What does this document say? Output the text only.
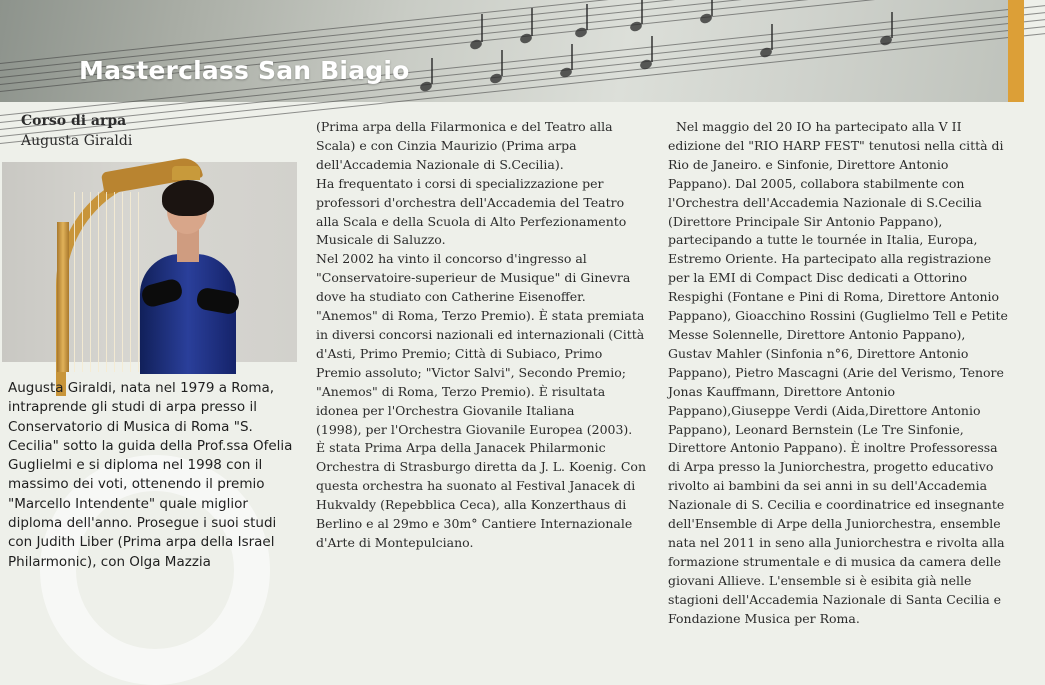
Masterclass San Biagio
Corso di arpa
Augusta Giraldi

Augusta Giraldi, nata nel 1979 a Roma, intraprende gli studi di arpa presso il Conservatorio di Musica di Roma "S. Cecilia" sotto la guida della Prof.ssa Ofelia Guglielmi e si diploma nel 1998 con il massimo dei voti, ottenendo il premio "Marcello Intendente" quale miglior diploma dell'anno. Prosegue i suoi studi con Judith Liber (Prima arpa della Israel Philarmonic), con Olga Mazzia

(Prima arpa della Filarmonica e del Teatro alla Scala) e con Cinzia Maurizio (Prima arpa dell'Accademia Nazionale di S.Cecilia).

Ha frequentato i corsi di specializzazione per professori d'orchestra dell'Accademia del Teatro alla Scala e della Scuola di Alto Perfezionamento Musicale di Saluzzo.

Nel 2002 ha vinto il concorso d'ingresso al "Conservatoire-superieur de Musique" di Ginevra dove ha studiato con Catherine Eisenoffer.

"Anemos" di Roma, Terzo Premio). È stata premiata in diversi concorsi nazionali ed internazionali (Città d'Asti, Primo Premio; Città di Subiaco, Primo Premio assoluto; "Victor Salvi", Secondo Premio; "Anemos" di Roma, Terzo Premio). È risultata idonea per l'Orchestra Giovanile Italiana

(1998), per l'Orchestra Giovanile Europea (2003).

È stata Prima Arpa della Janacek Philarmonic Orchestra di Strasburgo diretta da J. L. Koenig. Con questa orchestra ha suonato al Festival Janacek di Hukvaldy (Repebblica Ceca), alla Konzerthaus di Berlino e al 29mo e 30m° Cantiere Internazionale d'Arte di Montepulciano.

Nel maggio del 20 IO ha partecipato alla V II edizione del "RIO HARP FEST" tenutosi nella città di Rio de Janeiro. e Sinfonie, Direttore Antonio Pappano). Dal 2005, collabora stabilmente con l'Orchestra dell'Accademia Nazionale di S.Cecilia (Direttore Principale Sir Antonio Pappano), partecipando a tutte le tournée in Italia, Europa, Estremo Oriente. Ha partecipato alla registrazione per la EMI di Compact Disc dedicati a Ottorino Respighi (Fontane e Pini di Roma, Direttore Antonio Pappano), Gioacchino Rossini (Guglielmo Tell e Petite Messe Solennelle, Direttore Antonio Pappano), Gustav Mahler (Sinfonia n°6, Direttore Antonio Pappano), Pietro Mascagni (Arie del Verismo, Tenore Jonas Kauffmann, Direttore Antonio Pappano),Giuseppe Verdi (Aida,Direttore Antonio Pappano), Leonard Bernstein (Le Tre Sinfonie, Direttore Antonio Pappano). È inoltre Professoressa di Arpa presso la Juniorchestra, progetto educativo rivolto ai bambini da sei anni in su dell'Accademia Nazionale di S. Cecilia e coordinatrice ed insegnante dell'Ensemble di Arpe della Juniorchestra, ensemble nata nel 2011 in seno alla Juniorchestra e rivolta alla formazione strumentale e di musica da camera delle giovani Allieve. L'ensemble si è esibita già nelle stagioni dell'Accademia Nazionale di Santa Cecilia e Fondazione Musica per Roma.
